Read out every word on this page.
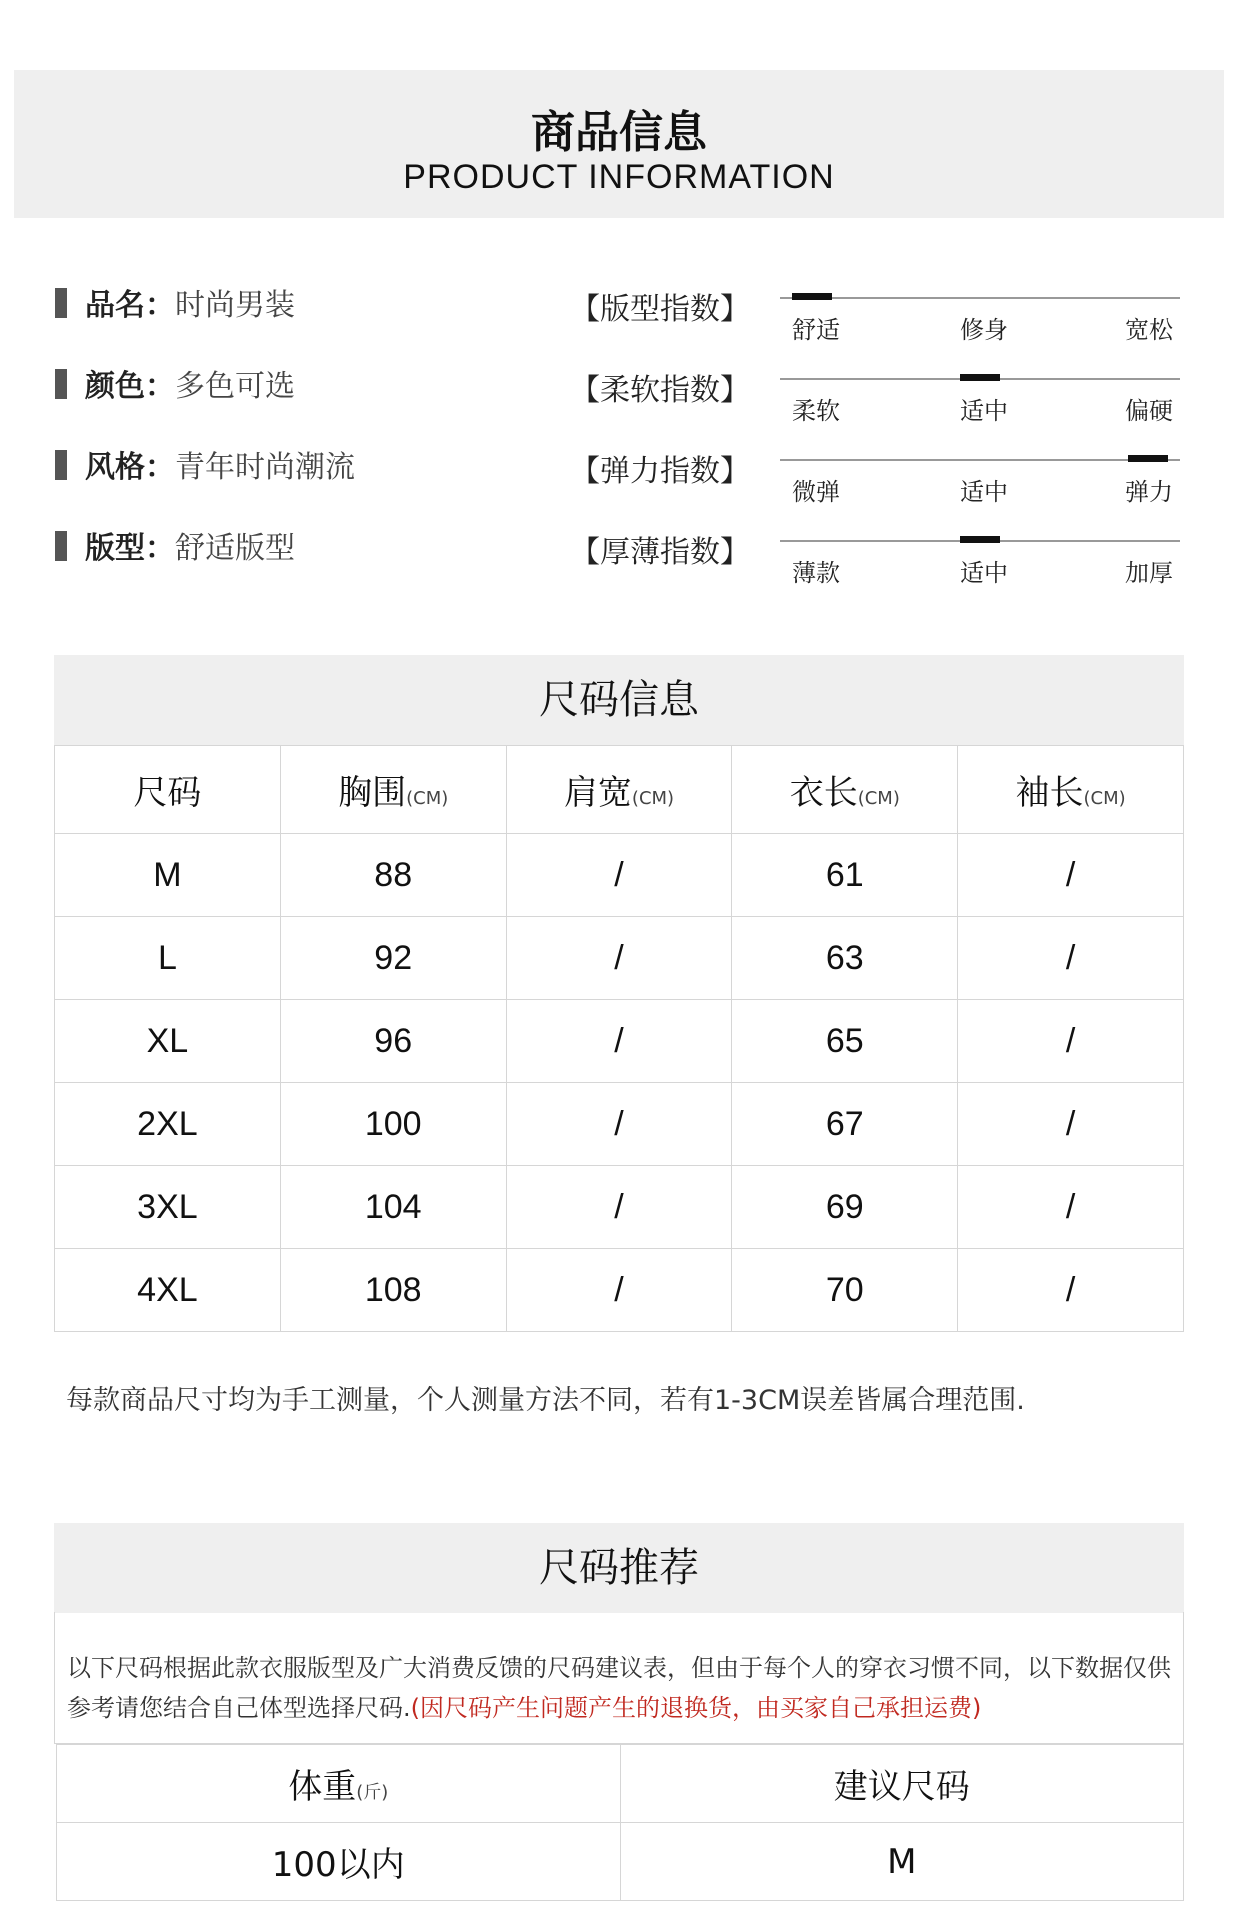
商品信息
PRODUCT INFORMATION
品名： 时尚男装
颜色： 多色可选
风格： 青年时尚潮流
版型： 舒适版型
【版型指数】
舒适	修身	宽松
【柔软指数】
柔软	适中	偏硬
【弹力指数】
微弹	适中	弹力
【厚薄指数】
薄款	适中	加厚
尺码信息
尺码	胸围(CM)	肩宽(CM)	衣长(CM)	袖长(CM)
M	88	/	61	/
L	92	/	63	/
XL	96	/	65	/
2XL	100	/	67	/
3XL	104	/	69	/
4XL	108	/	70	/
每款商品尺寸均为手工测量，个人测量方法不同，若有1-3CM误差皆属合理范围.
尺码推荐
以下尺码根据此款衣服版型及广大消费反馈的尺码建议表，但由于每个人的穿衣习惯不同，以下数据仅供参考请您结合自己体型选择尺码.(因尺码产生问题产生的退换货，由买家自己承担运费)
体重(斤)	建议尺码
100以内	M
